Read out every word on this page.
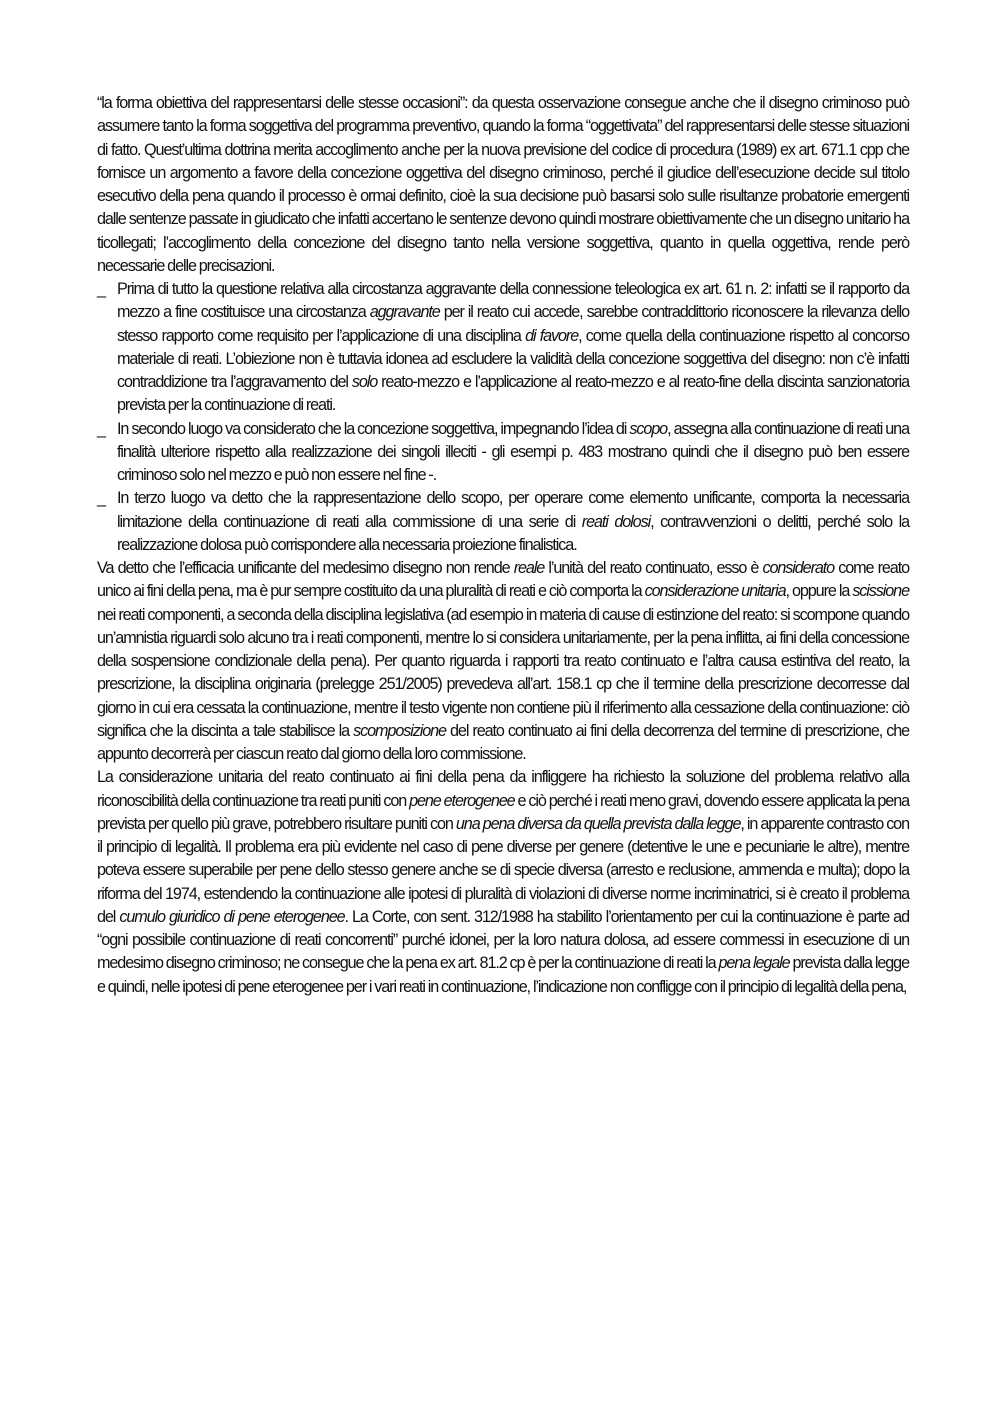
“la forma obiettiva del rappresentarsi delle stesse occasioni”: da questa osservazione consegue anche che il disegno criminoso può assumere tanto la forma soggettiva del programma preventivo, quando la forma “oggettivata” del rappresentarsi delle stesse situazioni di fatto. Quest’ultima dottrina merita accoglimento anche per la nuova previsione del codice di procedura (1989) ex art. 671.1 cpp che fornisce un argomento a favore della concezione oggettiva del disegno criminoso, perché il giudice dell’esecuzione decide sul titolo esecutivo della pena quando il processo è ormai definito, cioè la sua decisione può basarsi solo sulle risultanze probatorie emergenti dalle sentenze passate in giudicato che infatti accertano le sentenze devono quindi mostrare obiettivamente che un disegno unitario ha ticollegati; l’accoglimento della concezione del disegno tanto nella versione soggettiva, quanto in quella oggettiva, rende però necessarie delle precisazioni.

_ Prima di tutto la questione relativa alla circostanza aggravante della connessione teleologica ex art. 61 n. 2: infatti se il rapporto da mezzo a fine costituisce una circostanza aggravante per il reato cui accede, sarebbe contraddittorio riconoscere la rilevanza dello stesso rapporto come requisito per l’applicazione di una disciplina di favore, come quella della continuazione rispetto al concorso materiale di reati. L’obiezione non è tuttavia idonea ad escludere la validità della concezione soggettiva del disegno: non c’è infatti contraddizione tra l’aggravamento del solo reato-mezzo e l’applicazione al reato-mezzo e al reato-fine della discinta sanzionatoria prevista per la continuazione di reati.
_ In secondo luogo va considerato che la concezione soggettiva, impegnando l’idea di scopo, assegna alla continuazione di reati una finalità ulteriore rispetto alla realizzazione dei singoli illeciti - gli esempi p. 483 mostrano quindi che il disegno può ben essere criminoso solo nel mezzo e può non essere nel fine -.
_ In terzo luogo va detto che la rappresentazione dello scopo, per operare come elemento unificante, comporta la necessaria limitazione della continuazione di reati alla commissione di una serie di reati dolosi, contravvenzioni o delitti, perché solo la realizzazione dolosa può corrispondere alla necessaria proiezione finalistica.

Va detto che l’efficacia unificante del medesimo disegno non rende reale l’unità del reato continuato, esso è considerato come reato unico ai fini della pena, ma è pur sempre costituito da una pluralità di reati e ciò comporta la considerazione unitaria, oppure la scissione nei reati componenti, a seconda della disciplina legislativa (ad esempio in materia di cause di estinzione del reato: si scompone quando un’amnistia riguardi solo alcuno tra i reati componenti, mentre lo si considera unitariamente, per la pena inflitta, ai fini della concessione della sospensione condizionale della pena). Per quanto riguarda i rapporti tra reato continuato e l’altra causa estintiva del reato, la prescrizione, la disciplina originaria (prelegge 251/2005) prevedeva all’art. 158.1 cp che il termine della prescrizione decorresse dal giorno in cui era cessata la continuazione, mentre il testo vigente non contiene più il riferimento alla cessazione della continuazione: ciò significa che la discinta a tale stabilisce la scomposizione del reato continuato ai fini della decorrenza del termine di prescrizione, che appunto decorrerà per ciascun reato dal giorno della loro commissione.

La considerazione unitaria del reato continuato ai fini della pena da infliggere ha richiesto la soluzione del problema relativo alla riconoscibilità della continuazione tra reati puniti con pene eterogenee e ciò perché i reati meno gravi, dovendo essere applicata la pena prevista per quello più grave, potrebbero risultare puniti con una pena diversa da quella prevista dalla legge, in apparente contrasto con il principio di legalità. Il problema era più evidente nel caso di pene diverse per genere (detentive le une e pecuniarie le altre), mentre poteva essere superabile per pene dello stesso genere anche se di specie diversa (arresto e reclusione, ammenda e multa); dopo la riforma del 1974, estendendo la continuazione alle ipotesi di pluralità di violazioni di diverse norme incriminatrici, si è creato il problema del cumulo giuridico di pene eterogenee. La Corte, con sent. 312/1988 ha stabilito l’orientamento per cui la continuazione è parte ad “ogni possibile continuazione di reati concorrenti” purché idonei, per la loro natura dolosa, ad essere commessi in esecuzione di un medesimo disegno criminoso; ne consegue che la pena ex art. 81.2 cp è per la continuazione di reati la pena legale prevista dalla legge e quindi, nelle ipotesi di pene eterogenee per i vari reati in continuazione, l’indicazione non confligge con il principio di legalità della pena,
